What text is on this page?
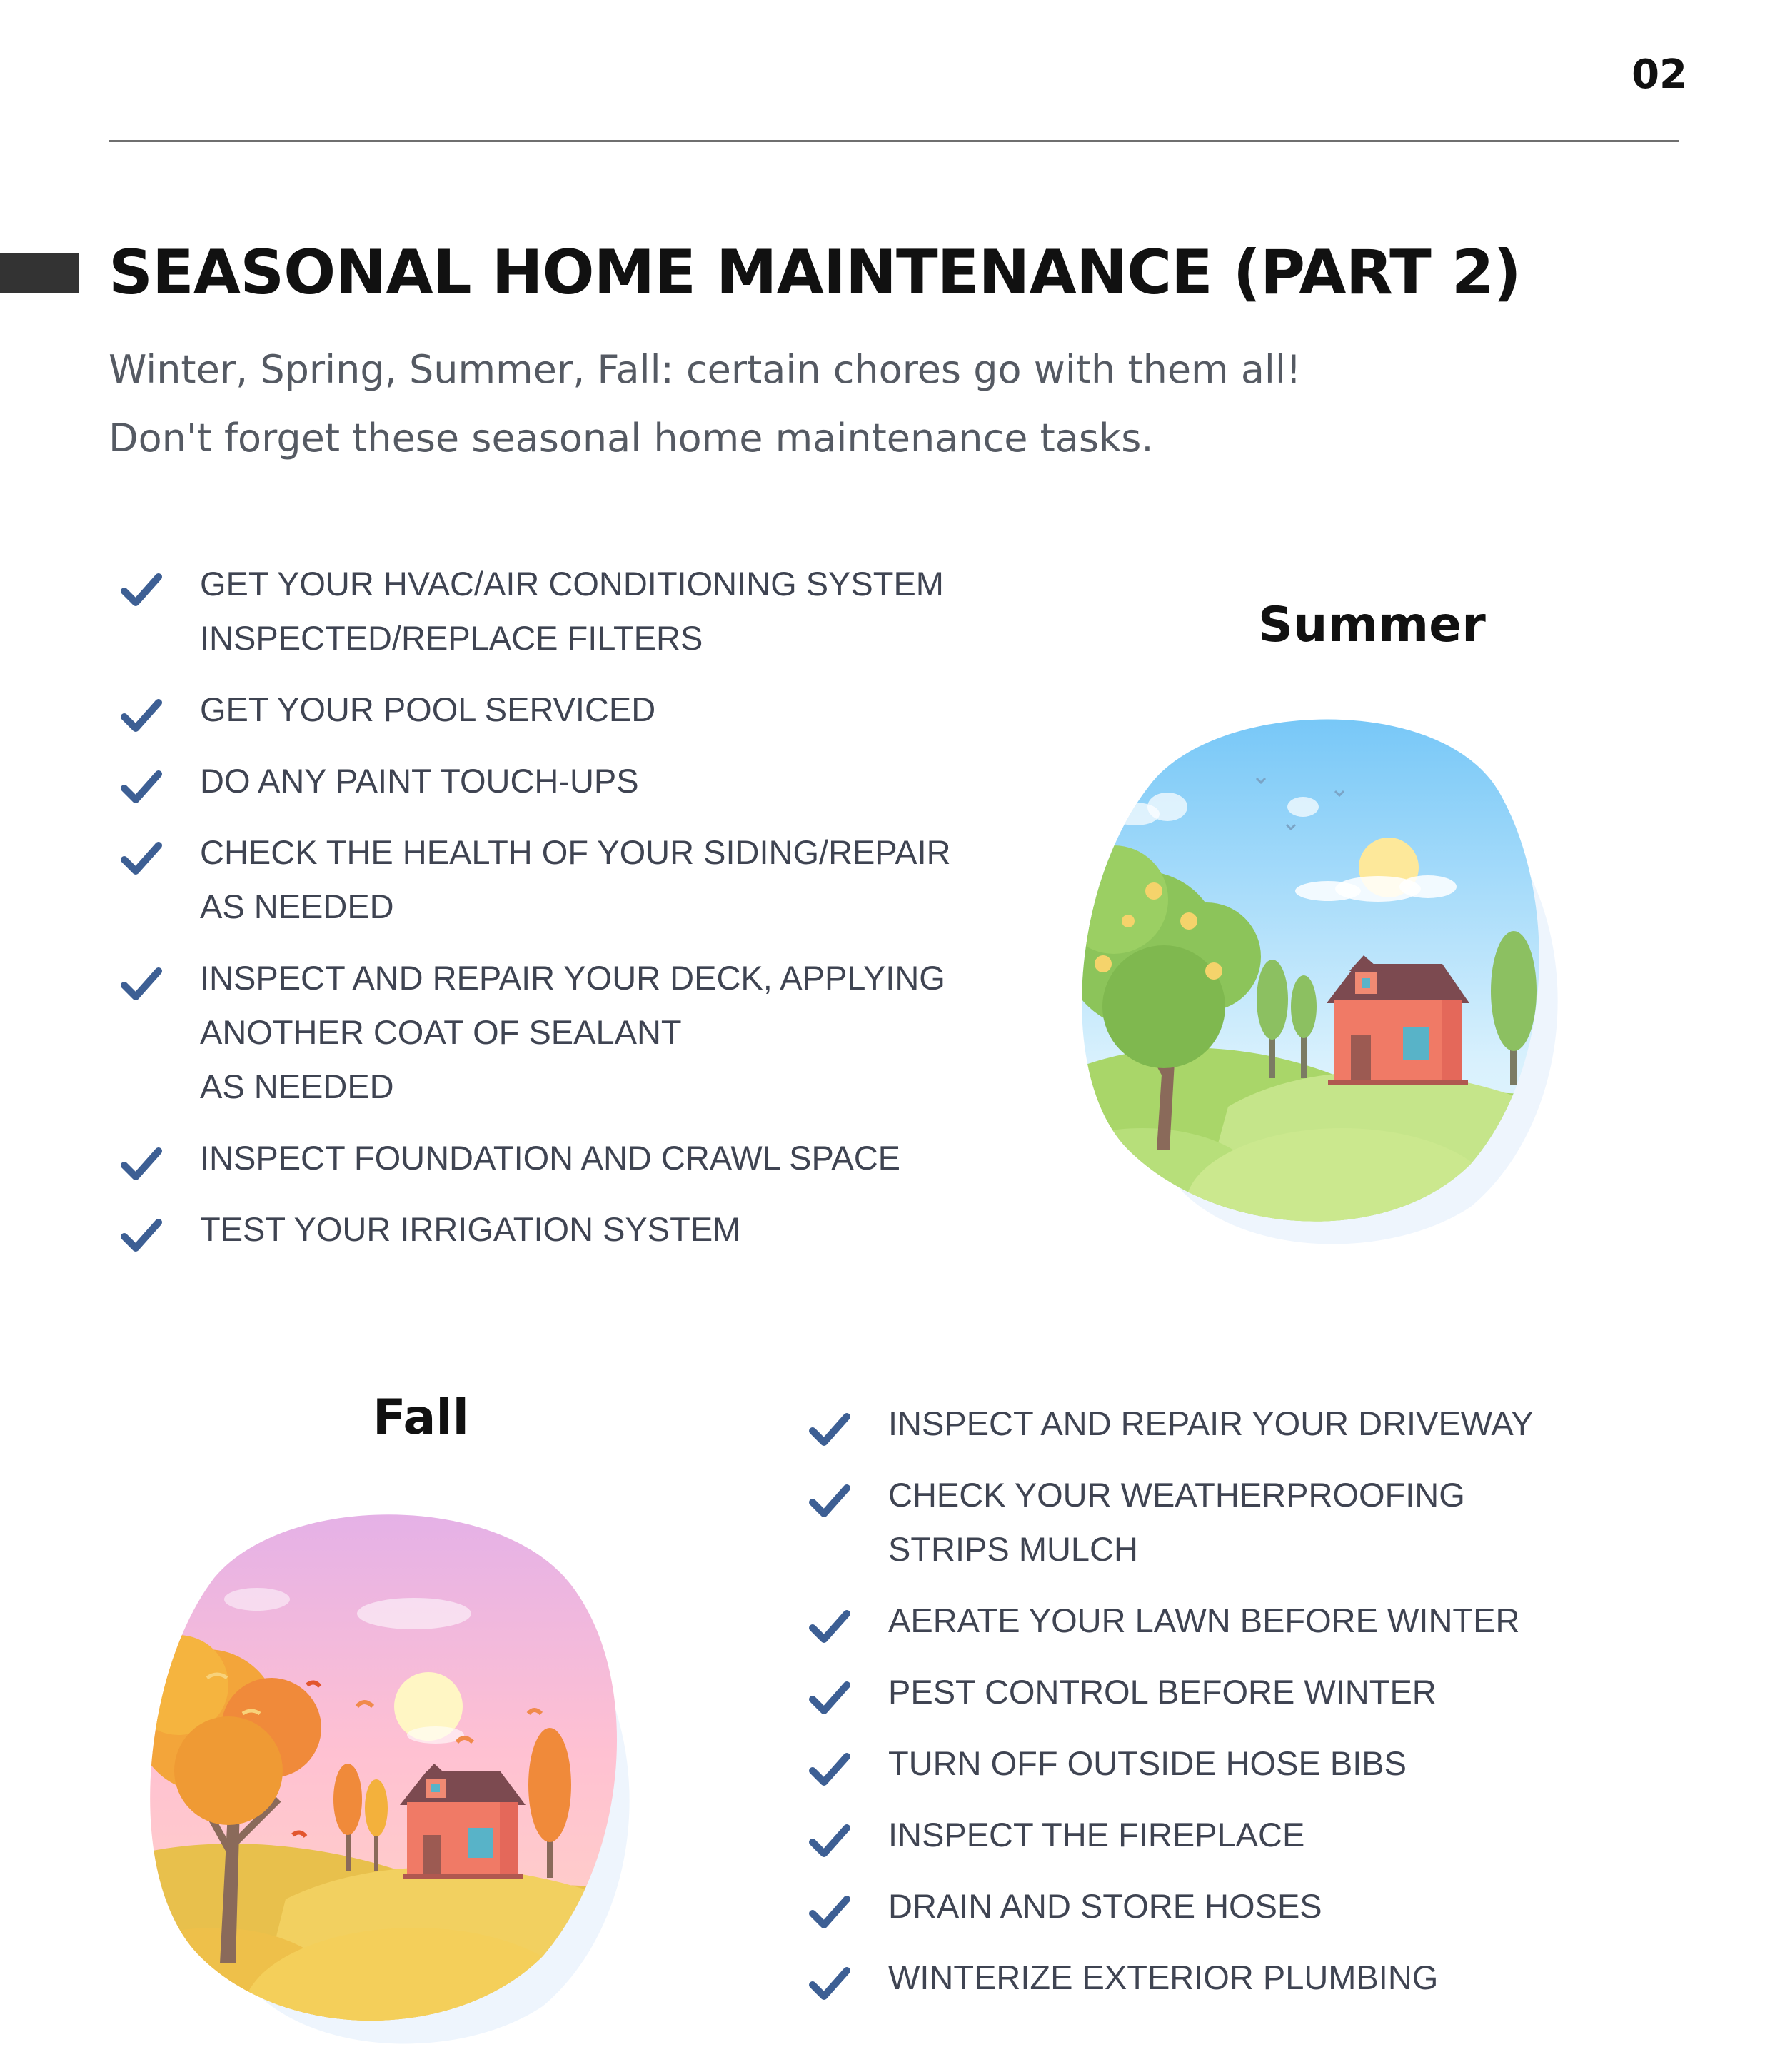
02
SEASONAL HOME MAINTENANCE (PART 2)

Winter, Spring, Summer, Fall: certain chores go with them all!
Don't forget these seasonal home maintenance tasks.

GET YOUR HVAC/AIR CONDITIONING SYSTEM
INSPECTED/REPLACE FILTERS
GET YOUR POOL SERVICED
DO ANY PAINT TOUCH-UPS
CHECK THE HEALTH OF YOUR SIDING/REPAIR
AS NEEDED
INSPECT AND REPAIR YOUR DECK, APPLYING
ANOTHER COAT OF SEALANT
AS NEEDED
INSPECT FOUNDATION AND CRAWL SPACE
TEST YOUR IRRIGATION SYSTEM
Summer
Fall	INSPECT AND REPAIR YOUR DRIVEWAY
CHECK YOUR WEATHERPROOFING
STRIPS MULCH
AERATE YOUR LAWN BEFORE WINTER
PEST CONTROL BEFORE WINTER
TURN OFF OUTSIDE HOSE BIBS
INSPECT THE FIREPLACE
DRAIN AND STORE HOSES
WINTERIZE EXTERIOR PLUMBING
